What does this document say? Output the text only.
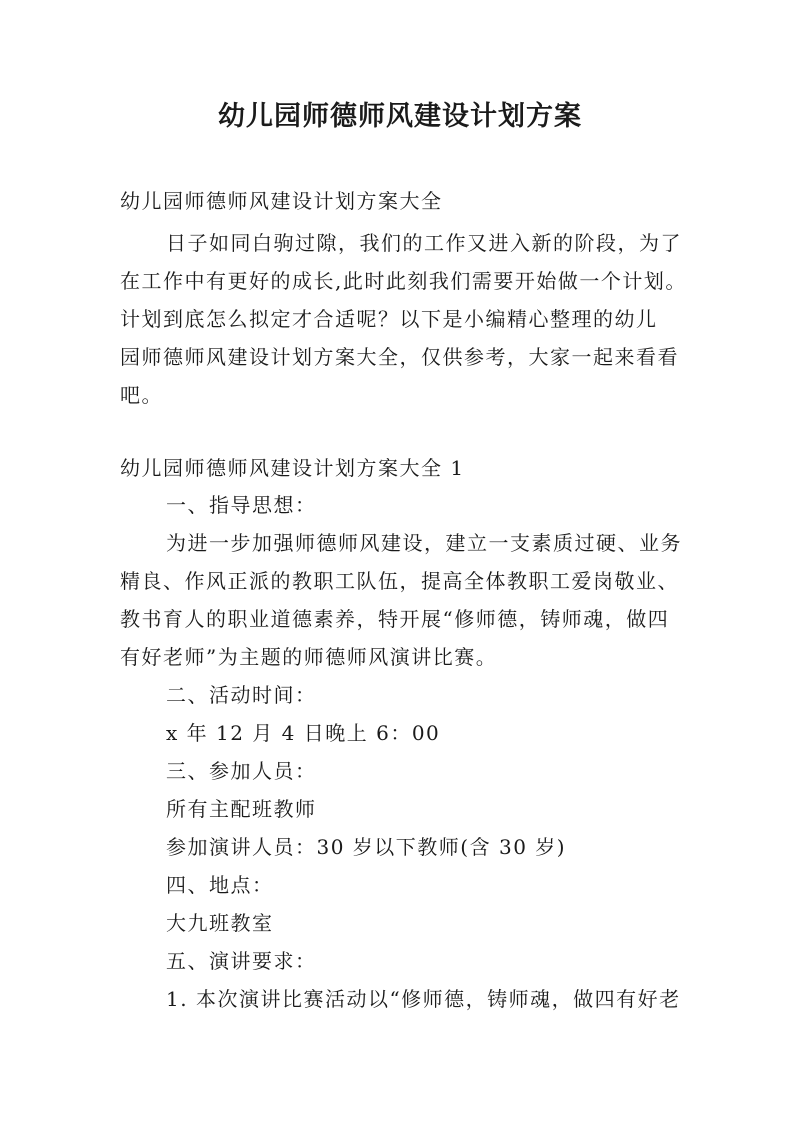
幼儿园师德师风建设计划方案
幼儿园师德师风建设计划方案大全
日子如同白驹过隙，我们的工作又进入新的阶段，为了
在工作中有更好的成长,此时此刻我们需要开始做一个计划。
计划到底怎么拟定才合适呢？以下是小编精心整理的幼儿
园师德师风建设计划方案大全，仅供参考，大家一起来看看
吧。
幼儿园师德师风建设计划方案大全 1
一、指导思想：
为进一步加强师德师风建设，建立一支素质过硬、业务
精良、作风正派的教职工队伍，提高全体教职工爱岗敬业、
教书育人的职业道德素养，特开展“修师德，铸师魂，做四
有好老师”为主题的师德师风演讲比赛。
二、活动时间：
x 年 12 月 4 日晚上 6：00
三、参加人员：
所有主配班教师
参加演讲人员：30 岁以下教师(含 30 岁)
四、地点：
大九班教室
五、演讲要求：
1. 本次演讲比赛活动以“修师德，铸师魂，做四有好老
